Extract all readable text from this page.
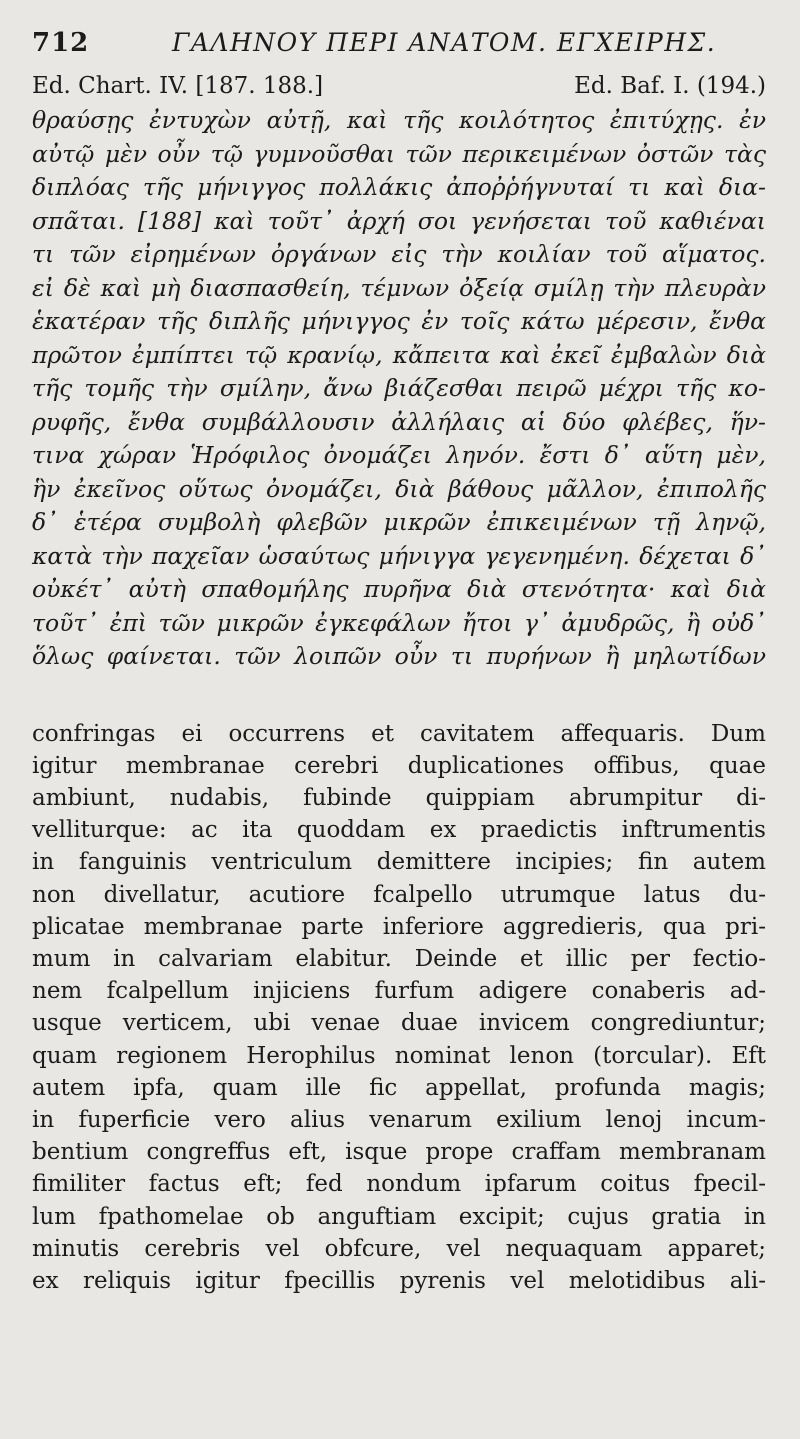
712	ΓΑΛΗΝΟΥ ΠΕΡΙ ΑΝΑΤΟΜ. ΕΓΧΕΙΡΗΣ.
Ed. Chart. IV. [187. 188.]	Ed. Baf. I. (194.)
θραύσῃς ἐντυχὼν αὐτῇ, καὶ τῆς κοιλότητος ἐπιτύχῃς. ἐν
αὐτῷ μὲν οὖν τῷ γυμνοῦσθαι τῶν περικειμένων ὀστῶν τὰς
διπλόας τῆς μήνιγγος πολλάκις ἀποῤῥήγνυταί τι καὶ δια-
σπᾶται. [188] καὶ τοῦτ᾽ ἀρχή σοι γενήσεται τοῦ καθιέναι
τι τῶν εἰρημένων ὀργάνων εἰς τὴν κοιλίαν τοῦ αἵματος.
εἰ δὲ καὶ μὴ διασπασθείη, τέμνων ὀξείᾳ σμίλῃ τὴν πλευρὰν
ἑκατέραν τῆς διπλῆς μήνιγγος ἐν τοῖς κάτω μέρεσιν, ἔνθα
πρῶτον ἐμπίπτει τῷ κρανίῳ, κἄπειτα καὶ ἐκεῖ ἐμβαλὼν διὰ
τῆς τομῆς τὴν σμίλην, ἄνω βιάζεσθαι πειρῶ μέχρι τῆς κο-
ρυφῆς, ἔνθα συμβάλλουσιν ἀλλήλαις αἱ δύο φλέβες, ἥν-
τινα χώραν Ἡρόφιλος ὀνομάζει ληνόν. ἔστι δ᾽ αὕτη μὲν,
ἣν ἐκεῖνος οὕτως ὀνομάζει, διὰ βάθους μᾶλλον, ἐπιπολῆς
δ᾽ ἑτέρα συμβολὴ φλεβῶν μικρῶν ἐπικειμένων τῇ ληνῷ,
κατὰ τὴν παχεῖαν ὡσαύτως μήνιγγα γεγενημένη. δέχεται δ᾽
οὐκέτ᾽ αὐτὴ σπαθομήλης πυρῆνα διὰ στενότητα· καὶ διὰ
τοῦτ᾽ ἐπὶ τῶν μικρῶν ἐγκεφάλων ἤτοι γ᾽ ἀμυδρῶς, ἢ οὐδ᾽
ὅλως φαίνεται. τῶν λοιπῶν οὖν τι πυρήνων ἢ μηλωτίδων
confringas ei occurrens et cavitatem affequaris. Dum
igitur membranae cerebri duplicationes offibus, quae
ambiunt, nudabis, fubinde quippiam abrumpitur di-
velliturque: ac ita quoddam ex praedictis inftrumentis
in fanguinis ventriculum demittere incipies; fin autem
non divellatur, acutiore fcalpello utrumque latus du-
plicatae membranae parte inferiore aggredieris, qua pri-
mum in calvariam elabitur. Deinde et illic per fectio-
nem fcalpellum injiciens furfum adigere conaberis ad-
usque verticem, ubi venae duae invicem congrediuntur;
quam regionem Herophilus nominat lenon (torcular). Eft
autem ipfa, quam ille fic appellat, profunda magis;
in fuperficie vero alius venarum exilium lenoj incum-
bentium congreffus eft, isque prope craffam membranam
fimiliter factus eft; fed nondum ipfarum coitus fpecil-
lum fpathomelae ob anguftiam excipit; cujus gratia in
minutis cerebris vel obfcure, vel nequaquam apparet;
ex reliquis igitur fpecillis pyrenis vel melotidibus ali-
